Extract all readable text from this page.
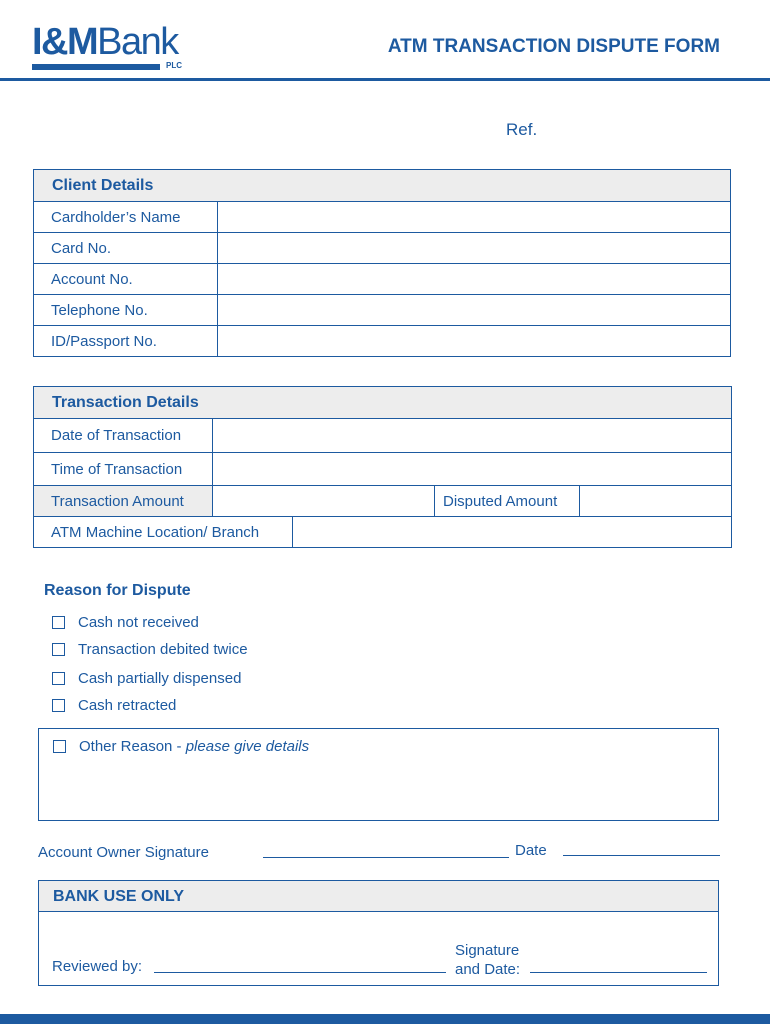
I&MBank
PLC
ATM TRANSACTION DISPUTE FORM
Ref.
Client Details	
Cardholder’s Name	
Card No.	
Account No.	
Telephone No.	
ID/Passport No.	
Transaction Details				
Date of Transaction				
Time of Transaction				
Transaction Amount			Disputed Amount	
ATM Machine Location/ Branch				
Reason for Dispute
Cash not received
Transaction debited twice
Cash partially dispensed
Cash retracted
Other Reason -
please give details
Account Owner Signature	Date
BANK USE ONLY
Reviewed by:
Signature
and Date:
